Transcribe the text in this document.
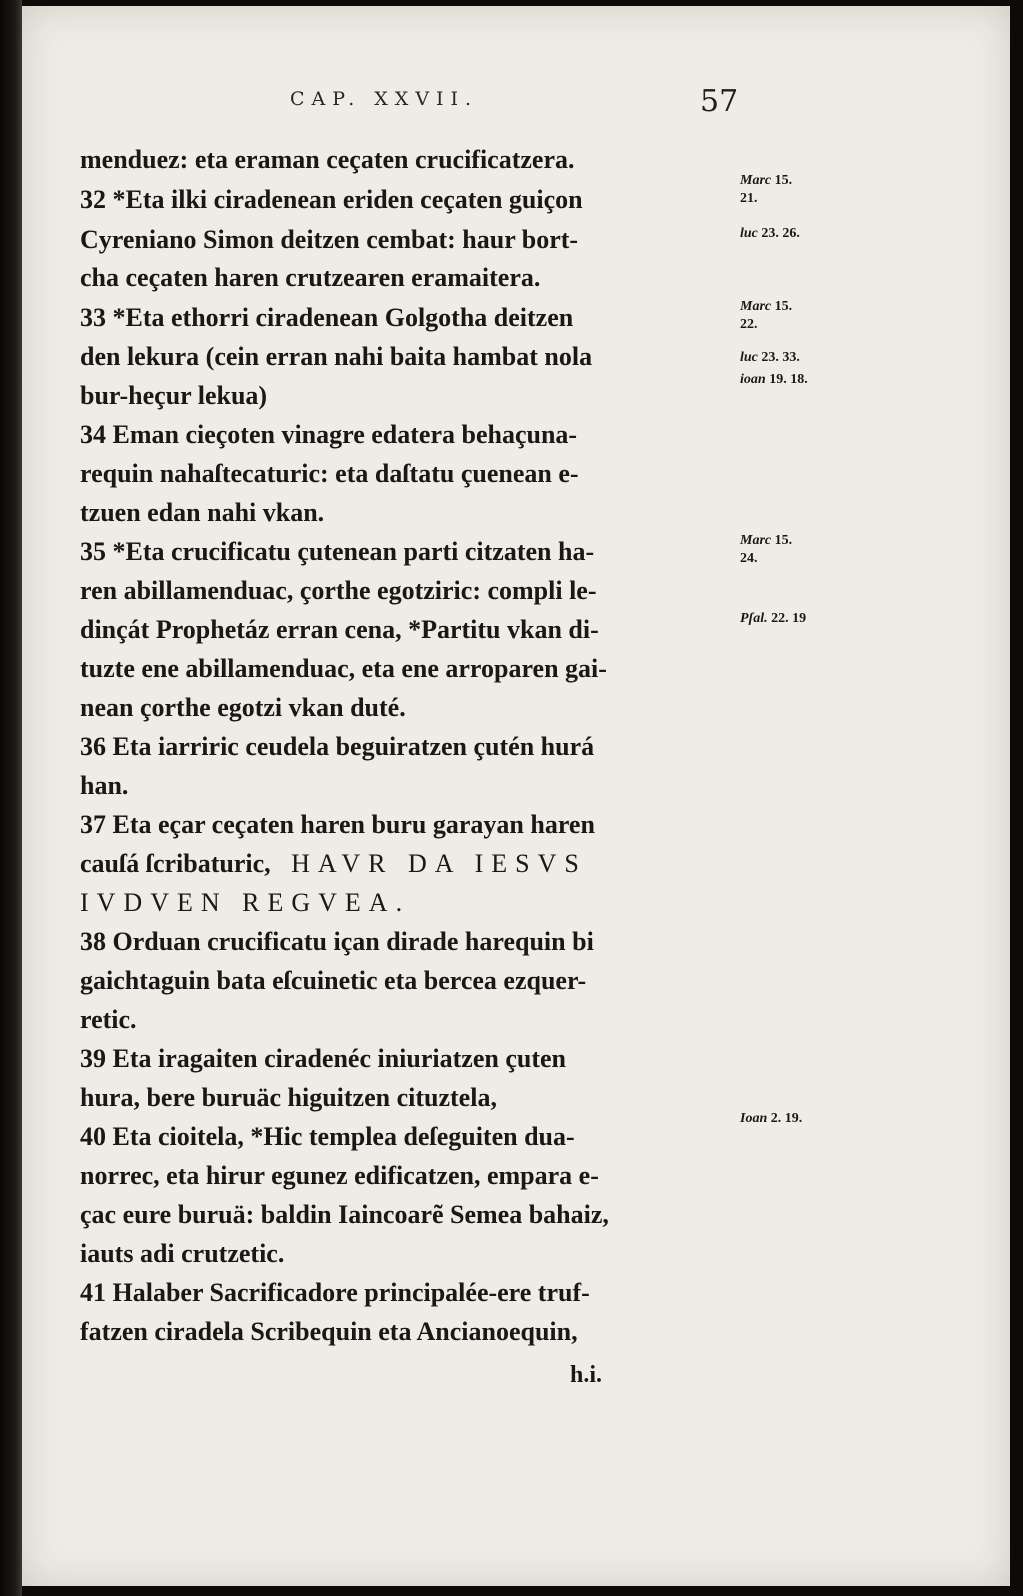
CAP. XXVII.	57
menduez: eta eraman ceçaten crucificatzera.
32 *Eta ilki ciradenean eriden ceçaten guiçon
Cyreniano Simon deitzen cembat: haur bort-
cha ceçaten haren crutzearen eramaitera.
33 *Eta ethorri ciradenean Golgotha deitzen
den lekura (cein erran nahi baita hambat nola
bur-heçur lekua)
34 Eman cieçoten vinagre edatera behaçuna-
requin nahaſtecaturic: eta daſtatu çuenean e-
tzuen edan nahi vkan.
35 *Eta crucificatu çutenean parti citzaten ha-
ren abillamenduac, çorthe egotziric: compli le-
dinçát Prophetáz erran cena, *Partitu vkan di-
tuzte ene abillamenduac, eta ene arroparen gai-
nean çorthe egotzi vkan duté.
36 Eta iarriric ceudela beguiratzen çutén hurá
han.
37 Eta eçar ceçaten haren buru garayan haren
cauſá ſcribaturic, HAVR DA IESVS
IVDVEN REGVEA.
38 Orduan crucificatu içan dirade harequin bi
gaichtaguin bata eſcuinetic eta bercea ezquer-
retic.
39 Eta iragaiten ciradenéc iniuriatzen çuten
hura, bere buruäc higuitzen cituztela,
40 Eta cioitela, *Hic templea deſeguiten dua-
norrec, eta hirur egunez edificatzen, empara e-
çac eure buruä: baldin Iaincoarẽ Semea bahaiz,
iauts adi crutzetic.
41 Halaber Sacrificadore principalée-ere truf-
fatzen ciradela Scribequin eta Ancianoequin,
h.i.
Marc 15.
21.
luc 23. 26.
Marc 15.
22.
luc 23. 33.
ioan 19. 18.
Marc 15.
24.
Pſal. 22. 19
Ioan 2. 19.
